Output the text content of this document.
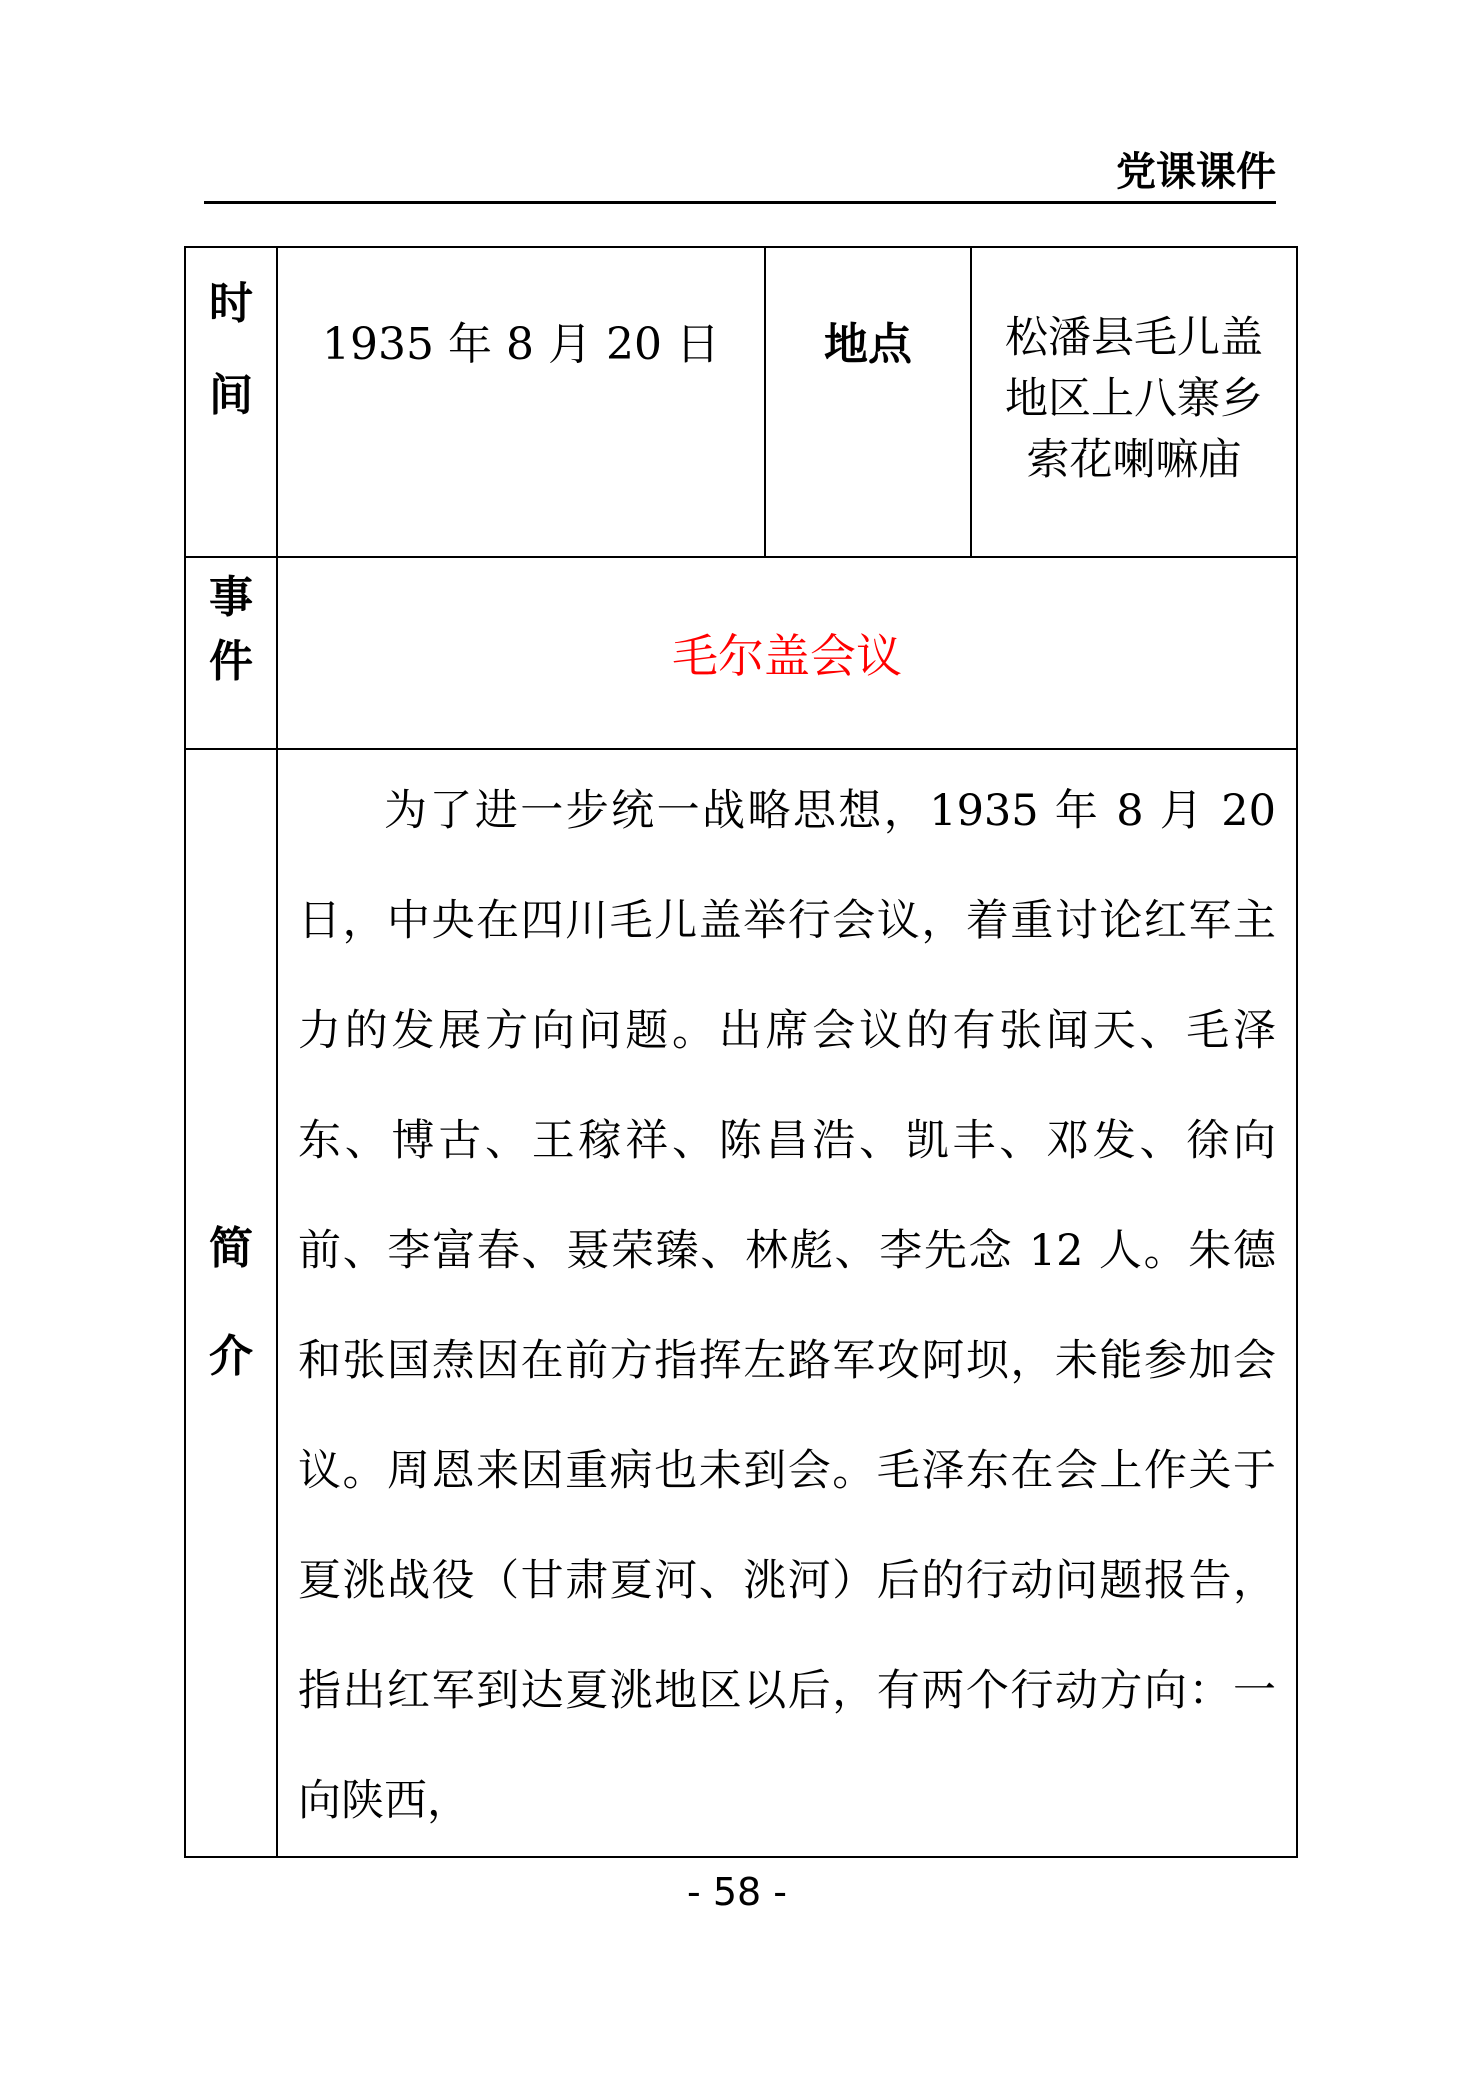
党课课件
时
间	1935 年 8 月 20 日	地点	松潘县毛儿盖地区上八寨乡索花喇嘛庙

事
件	毛尔盖会议		

简
介	为了进一步统一战略思想，1935 年 8 月 20 日，中央在四川毛儿盖举行会议，着重讨论红军主力的发展方向问题。出席会议的有张闻天、毛泽东、博古、王稼祥、陈昌浩、凯丰、邓发、徐向前、李富春、聂荣臻、林彪、李先念 12 人。朱德和张国焘因在前方指挥左路军攻阿坝，未能参加会议。周恩来因重病也未到会。毛泽东在会上作关于夏洮战役（甘肃夏河、洮河）后的行动问题报告，指出红军到达夏洮地区以后，有两个行动方向：一向陕西，		

- 58 -
